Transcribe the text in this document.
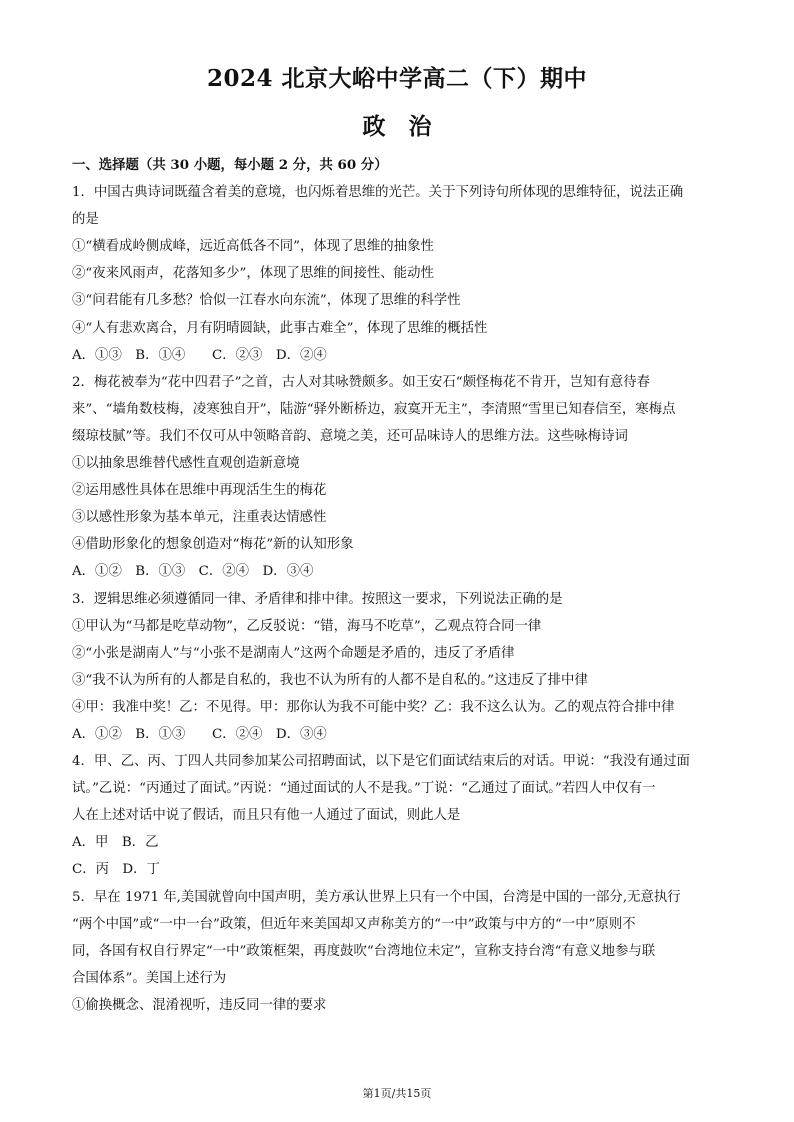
2024 北京大峪中学高二（下）期中
政　治
一、选择题（共 30 小题，每小题 2 分，共 60 分）
1．中国古典诗词既蕴含着美的意境，也闪烁着思维的光芒。关于下列诗句所体现的思维特征，说法正确
的是
①“横看成岭侧成峰，远近高低各不同”，体现了思维的抽象性
②“夜来风雨声，花落知多少”，体现了思维的间接性、能动性
③“问君能有几多愁？恰似一江春水向东流”，体现了思维的科学性
④“人有悲欢离合，月有阴晴圆缺，此事古难全”，体现了思维的概括性
A．①③　B．①④　　C．②③　D．②④
2．梅花被奉为“花中四君子”之首，古人对其咏赞颇多。如王安石“颇怪梅花不肯开，岂知有意待春
来”、“墙角数枝梅，凌寒独自开”，陆游“驿外断桥边，寂寞开无主”，李清照“雪里已知春信至，寒梅点
缀琼枝腻”等。我们不仅可从中领略音韵、意境之美，还可品味诗人的思维方法。这些咏梅诗词
①以抽象思维替代感性直观创造新意境
②运用感性具体在思维中再现活生生的梅花
③以感性形象为基本单元，注重表达情感性
④借助形象化的想象创造对“梅花”新的认知形象
A．①②　B．①③　C．②④　D．③④
3．逻辑思维必须遵循同一律、矛盾律和排中律。按照这一要求，下列说法正确的是
①甲认为“马都是吃草动物”，乙反驳说：“错，海马不吃草”，乙观点符合同一律
②“小张是湖南人”与“小张不是湖南人”这两个命题是矛盾的，违反了矛盾律
③“我不认为所有的人都是自私的，我也不认为所有的人都不是自私的。”这违反了排中律
④甲：我准中奖！乙：不见得。甲：那你认为我不可能中奖？乙：我不这么认为。乙的观点符合排中律
A．①②　B．①③　　C．②④　D．③④
4．甲、乙、丙、丁四人共同参加某公司招聘面试，以下是它们面试结束后的对话。甲说：“我没有通过面
试。”乙说：“丙通过了面试。”丙说：“通过面试的人不是我。”丁说：“乙通过了面试。”若四人中仅有一
人在上述对话中说了假话，而且只有他一人通过了面试，则此人是
A．甲　B．乙
C．丙　D．丁
5．早在 1971 年,美国就曾向中国声明，美方承认世界上只有一个中国，台湾是中国的一部分,无意执行
“两个中国”或“一中一台”政策，但近年来美国却又声称美方的“一中”政策与中方的“一中”原则不
同，各国有权自行界定“一中”政策框架，再度鼓吹“台湾地位未定”，宣称支持台湾“有意义地参与联
合国体系”。美国上述行为
①偷换概念、混淆视听，违反同一律的要求
第1页/共15页
